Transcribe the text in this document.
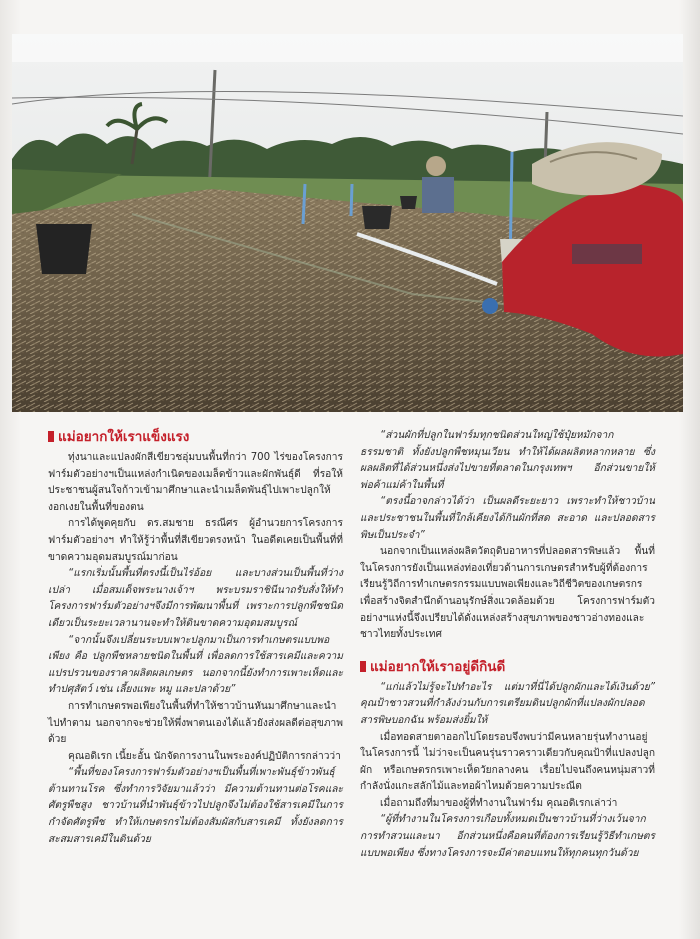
แม่อยากให้เราแข็งแรง

ทุ่งนาและแปลงผักสีเขียวชอุ่มบนพื้นที่กว่า 700 ไร่ของโครงการฟาร์มตัวอย่างฯเป็นแหล่งกำเนิดของเมล็ดข้าวและผักพันธุ์ดี ที่รอให้ประชาชนผู้สนใจก้าวเข้ามาศึกษาและนำเมล็ดพันธุ์ไปเพาะปลูกให้งอกเงยในพื้นที่ของตน

การได้พูดคุยกับ ดร.สมชาย ธรณีศร ผู้อำนวยการโครงการฟาร์มตัวอย่างฯ ทำให้รู้ว่าพื้นที่สีเขียวตรงหน้า ในอดีตเคยเป็นพื้นที่ที่ขาดความอุดมสมบูรณ์มาก่อน

“แรกเริ่มนั้นพื้นที่ตรงนี้เป็นไร่อ้อย และบางส่วนเป็นพื้นที่ว่างเปล่า เมื่อสมเด็จพระนางเจ้าฯ พระบรมราชินีนาถรับสั่งให้ทำโครงการฟาร์มตัวอย่างฯจึงมีการพัฒนาพื้นที่ เพราะการปลูกพืชชนิดเดียวเป็นระยะเวลานานจะทำให้ดินขาดความอุดมสมบูรณ์

“จากนั้นจึงเปลี่ยนระบบเพาะปลูกมาเป็นการทำเกษตรแบบพอเพียง คือ ปลูกพืชหลายชนิดในพื้นที่ เพื่อลดการใช้สารเคมีและความแปรปรวนของราคาผลิตผลเกษตร นอกจากนี้ยังทำการเพาะเห็ดและทำปศุสัตว์ เช่น เลี้ยงแพะ หมู และปลาด้วย”

การทำเกษตรพอเพียงในพื้นที่ทำให้ชาวบ้านหันมาศึกษาและนำไปทำตาม นอกจากจะช่วยให้พึ่งพาตนเองได้แล้วยังส่งผลดีต่อสุขภาพด้วย

คุณอดิเรก เนี้ยะอั้น นักจัดการงานในพระองค์ปฏิบัติการกล่าวว่า

“พื้นที่ของโครงการฟาร์มตัวอย่างฯเป็นพื้นที่เพาะพันธุ์ข้าวพันธุ์ต้านทานโรค ซึ่งทำการวิจัยมาแล้วว่า มีความต้านทานต่อโรคและศัตรูพืชสูง ชาวบ้านที่นำพันธุ์ข้าวไปปลูกจึงไม่ต้องใช้สารเคมีในการกำจัดศัตรูพืช ทำให้เกษตรกรไม่ต้องสัมผัสกับสารเคมี ทั้งยังลดการสะสมสารเคมีในดินด้วย

“ส่วนผักที่ปลูกในฟาร์มทุกชนิดส่วนใหญ่ใช้ปุ๋ยหมักจากธรรมชาติ ทั้งยังปลูกพืชหมุนเวียน ทำให้ได้ผลผลิตหลากหลาย ซึ่งผลผลิตที่ได้ส่วนหนึ่งส่งไปขายที่ตลาดในกรุงเทพฯ อีกส่วนขายให้พ่อค้าแม่ค้าในพื้นที่

“ตรงนี้อาจกล่าวได้ว่า เป็นผลดีระยะยาว เพราะทำให้ชาวบ้านและประชาชนในพื้นที่ใกล้เคียงได้กินผักที่สด สะอาด และปลอดสารพิษเป็นประจำ”

นอกจากเป็นแหล่งผลิตวัตถุดิบอาหารที่ปลอดสารพิษแล้ว พื้นที่ในโครงการยังเป็นแหล่งท่องเที่ยวด้านการเกษตรสำหรับผู้ที่ต้องการเรียนรู้วิถีการทำเกษตรกรรมแบบพอเพียงและวิถีชีวิตของเกษตรกร เพื่อสร้างจิตสำนึกด้านอนุรักษ์สิ่งแวดล้อมด้วย โครงการฟาร์มตัวอย่างฯแห่งนี้จึงเปรียบได้ดั่งแหล่งสร้างสุขภาพของชาวอ่างทองและชาวไทยทั้งประเทศ

แม่อยากให้เราอยู่ดีกินดี

“แก่แล้วไม่รู้จะไปทำอะไร แต่มาที่นี่ได้ปลูกผักและได้เงินด้วย” คุณป้าชาวสวนที่กำลังง่วนกับการเตรียมดินปลูกผักที่แปลงผักปลอดสารพิษบอกฉัน พร้อมส่งยิ้มให้

เมื่อทอดสายตาออกไปโดยรอบจึงพบว่ามีคนหลายรุ่นทำงานอยู่ในโครงการนี้ ไม่ว่าจะเป็นคนรุ่นราวคราวเดียวกับคุณป้าที่แปลงปลูกผัก หรือเกษตรกรเพาะเห็ดวัยกลางคน เรื่อยไปจนถึงคนหนุ่มสาวที่กำลังนั่งแกะสลักไม้และทอผ้าไหมด้วยความประณีต

เมื่อถามถึงที่มาของผู้ที่ทำงานในฟาร์ม คุณอดิเรกเล่าว่า

“ผู้ที่ทำงานในโครงการเกือบทั้งหมดเป็นชาวบ้านที่ว่างเว้นจากการทำสวนและนา อีกส่วนหนึ่งคือคนที่ต้องการเรียนรู้วิธีทำเกษตรแบบพอเพียง ซึ่งทางโครงการจะมีค่าตอบแทนให้ทุกคนทุกวันด้วย
